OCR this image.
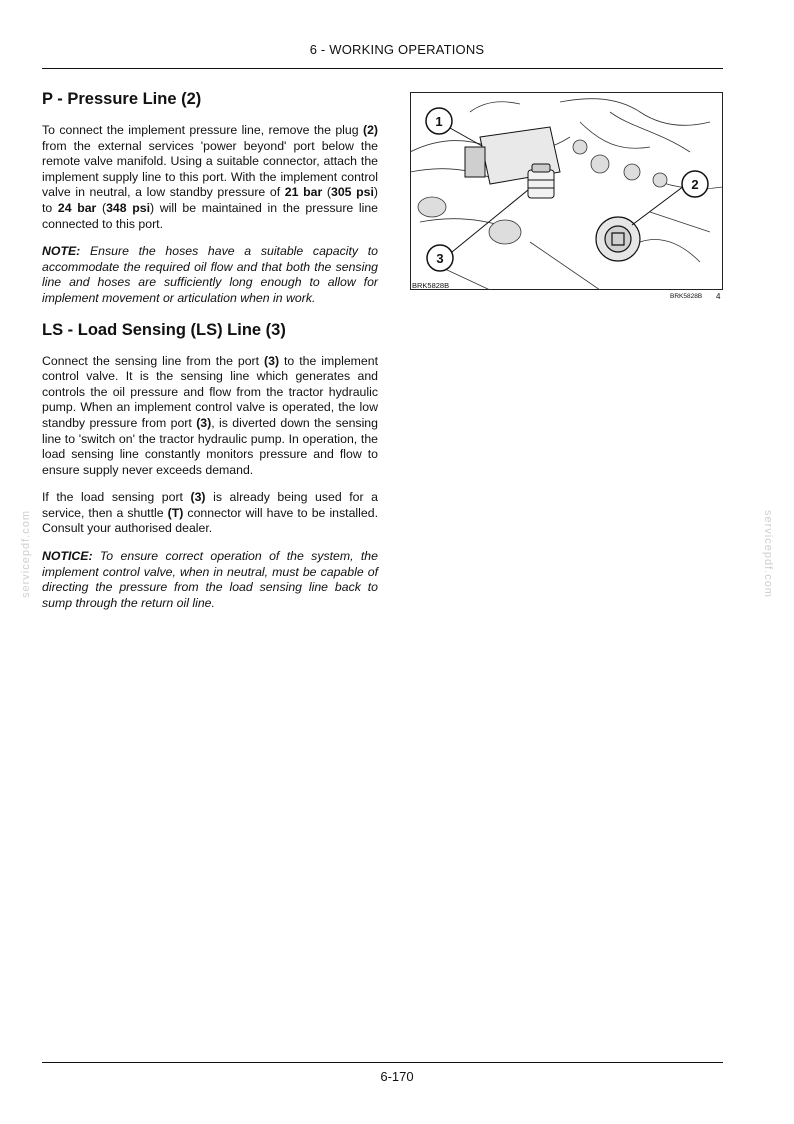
6 - WORKING OPERATIONS
P - Pressure Line (2)

To connect the implement pressure line, remove the plug (2) from the external services 'power beyond' port below the remote valve manifold. Using a suitable connector, attach the implement supply line to this port. With the implement control valve in neutral, a low standby pressure of 21 bar (305 psi) to 24 bar (348 psi) will be maintained in the pressure line connected to this port.

NOTE: Ensure the hoses have a suitable capacity to accommodate the required oil flow and that both the sensing line and hoses are sufficiently long enough to allow for implement movement or articulation when in work.

LS - Load Sensing (LS) Line (3)

Connect the sensing line from the port (3) to the implement control valve. It is the sensing line which generates and controls the oil pressure and flow from the tractor hydraulic pump. When an implement control valve is operated, the low standby pressure from port (3), is diverted down the sensing line to 'switch on' the tractor hydraulic pump. In operation, the load sensing line constantly monitors pressure and flow to ensure supply never exceeds demand.

If the load sensing port (3) is already being used for a service, then a shuttle (T) connector will have to be installed. Consult your authorised dealer.

NOTICE: To ensure correct operation of the system, the implement control valve, when in neutral, must be capable of directing the pressure from the load sensing line back to sump through the return oil line.

1
2
3
BRK5828B
BRK5828B 4
servicepdf.com	servicepdf.com
6-170
